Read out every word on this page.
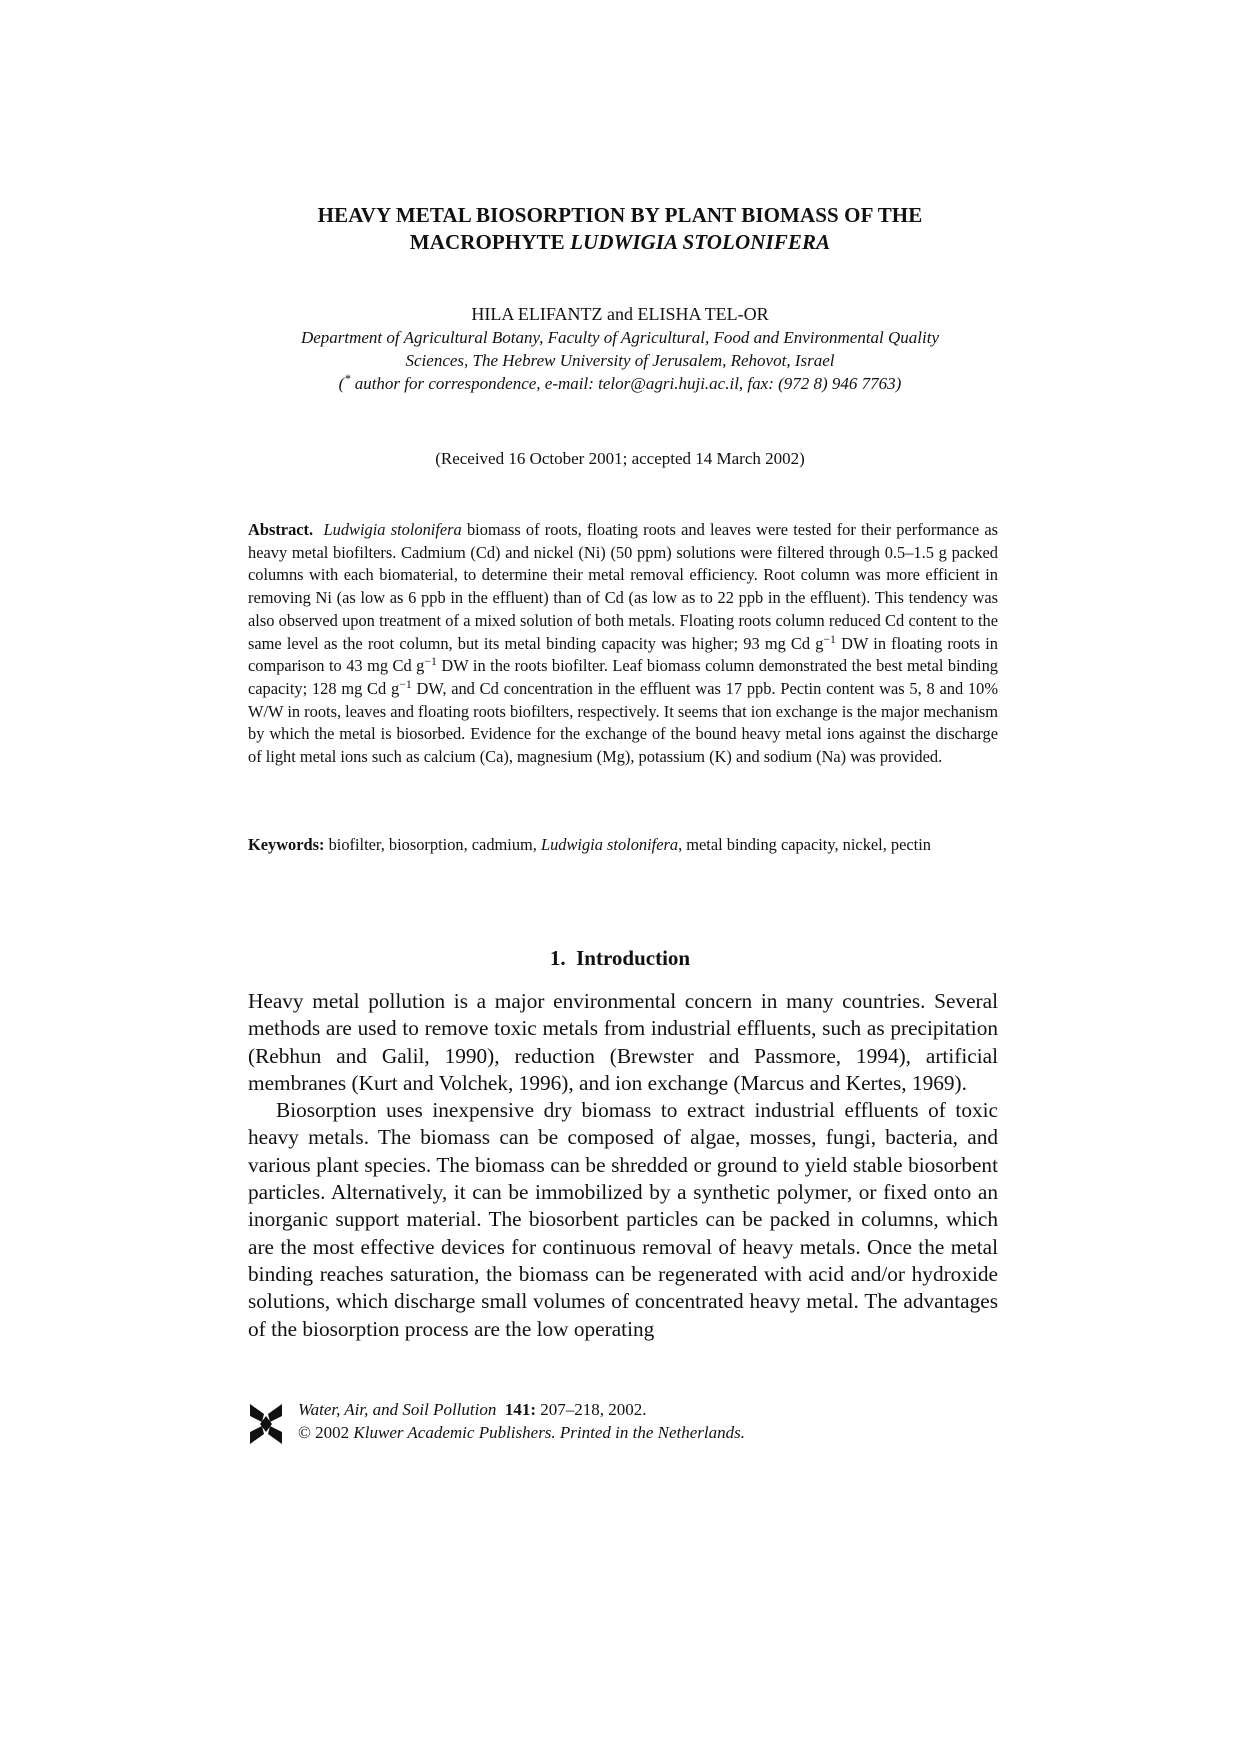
HEAVY METAL BIOSORPTION BY PLANT BIOMASS OF THE
MACROPHYTE LUDWIGIA STOLONIFERA
HILA ELIFANTZ and ELISHA TEL-OR
Department of Agricultural Botany, Faculty of Agricultural, Food and Environmental Quality
Sciences, The Hebrew University of Jerusalem, Rehovot, Israel
(* author for correspondence, e-mail: telor@agri.huji.ac.il, fax: (972 8) 946 7763)
(Received 16 October 2001; accepted 14 March 2002)
Abstract. Ludwigia stolonifera biomass of roots, floating roots and leaves were tested for their performance as heavy metal biofilters. Cadmium (Cd) and nickel (Ni) (50 ppm) solutions were filtered through 0.5–1.5 g packed columns with each biomaterial, to determine their metal removal efficiency. Root column was more efficient in removing Ni (as low as 6 ppb in the effluent) than of Cd (as low as to 22 ppb in the effluent). This tendency was also observed upon treatment of a mixed solution of both metals. Floating roots column reduced Cd content to the same level as the root column, but its metal binding capacity was higher; 93 mg Cd $g^{-1}$ DW in floating roots in comparison to 43 mg Cd $g^{-1}$ DW in the roots biofilter. Leaf biomass column demonstrated the best metal binding capacity; 128 mg Cd $g^{-1}$ DW, and Cd concentration in the effluent was 17 ppb. Pectin content was 5, 8 and 10% W/W in roots, leaves and floating roots biofilters, respectively. It seems that ion exchange is the major mechanism by which the metal is biosorbed. Evidence for the exchange of the bound heavy metal ions against the discharge of light metal ions such as calcium (Ca), magnesium (Mg), potassium (K) and sodium (Na) was provided.
Keywords: biofilter, biosorption, cadmium, Ludwigia stolonifera, metal binding capacity, nickel, pectin
1. Introduction

Heavy metal pollution is a major environmental concern in many countries. Several methods are used to remove toxic metals from industrial effluents, such as precipitation (Rebhun and Galil, 1990), reduction (Brewster and Passmore, 1994), artificial membranes (Kurt and Volchek, 1996), and ion exchange (Marcus and Kertes, 1969).

Biosorption uses inexpensive dry biomass to extract industrial effluents of toxic heavy metals. The biomass can be composed of algae, mosses, fungi, bacteria, and various plant species. The biomass can be shredded or ground to yield stable biosorbent particles. Alternatively, it can be immobilized by a synthetic polymer, or fixed onto an inorganic support material. The biosorbent particles can be packed in columns, which are the most effective devices for continuous removal of heavy metals. Once the metal binding reaches saturation, the biomass can be regenerated with acid and/or hydroxide solutions, which discharge small volumes of concentrated heavy metal. The advantages of the biosorption process are the low operating

Water, Air, and Soil Pollution 141: 207–218, 2002.
© 2002 Kluwer Academic Publishers. Printed in the Netherlands.
